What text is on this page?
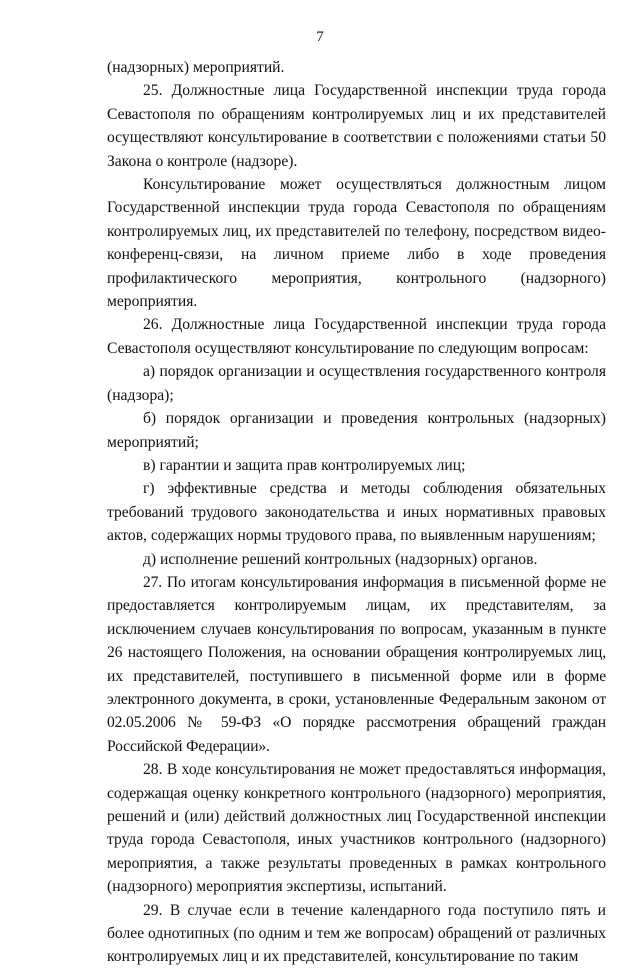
7

(надзорных) мероприятий.

25. Должностные лица Государственной инспекции труда города Севастополя по обращениям контролируемых лиц и их представителей осуществляют консультирование в соответствии с положениями статьи 50 Закона о контроле (надзоре).

Консультирование может осуществляться должностным лицом Государственной инспекции труда города Севастополя по обращениям контролируемых лиц, их представителей по телефону, посредством видео-конференц-связи, на личном приеме либо в ходе проведения профилактического мероприятия, контрольного (надзорного) мероприятия.

26. Должностные лица Государственной инспекции труда города Севастополя осуществляют консультирование по следующим вопросам:

а) порядок организации и осуществления государственного контроля (надзора);

б) порядок организации и проведения контрольных (надзорных) мероприятий;

в) гарантии и защита прав контролируемых лиц;

г) эффективные средства и методы соблюдения обязательных требований трудового законодательства и иных нормативных правовых актов, содержащих нормы трудового права, по выявленным нарушениям;

д) исполнение решений контрольных (надзорных) органов.

27. По итогам консультирования информация в письменной форме не предоставляется контролируемым лицам, их представителям, за исключением случаев консультирования по вопросам, указанным в пункте 26 настоящего Положения, на основании обращения контролируемых лиц, их представителей, поступившего в письменной форме или в форме электронного документа, в сроки, установленные Федеральным законом от 02.05.2006 № 59-ФЗ «О порядке рассмотрения обращений граждан Российской Федерации».

28. В ходе консультирования не может предоставляться информация, содержащая оценку конкретного контрольного (надзорного) мероприятия, решений и (или) действий должностных лиц Государственной инспекции труда города Севастополя, иных участников контрольного (надзорного) мероприятия, а также результаты проведенных в рамках контрольного (надзорного) мероприятия экспертизы, испытаний.

29. В случае если в течение календарного года поступило пять и более однотипных (по одним и тем же вопросам) обращений от различных контролируемых лиц и их представителей, консультирование по таким
